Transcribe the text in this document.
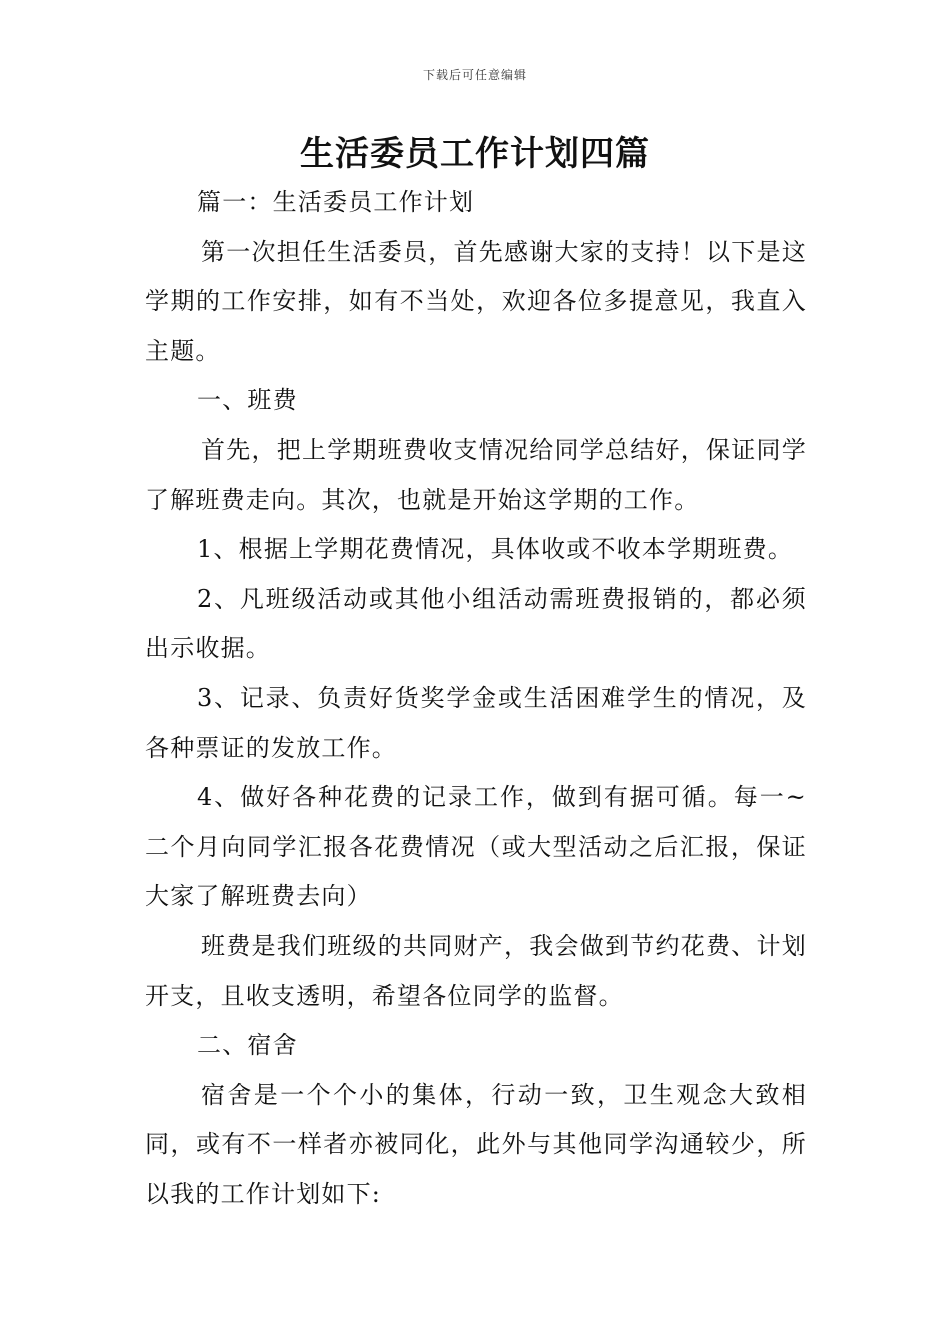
下载后可任意编辑
生活委员工作计划四篇

篇一：生活委员工作计划

第一次担任生活委员，首先感谢大家的支持！以下是这学期的工作安排，如有不当处，欢迎各位多提意见，我直入主题。

一、班费

首先，把上学期班费收支情况给同学总结好，保证同学了解班费走向。其次，也就是开始这学期的工作。

1、根据上学期花费情况，具体收或不收本学期班费。

2、凡班级活动或其他小组活动需班费报销的，都必须出示收据。

3、记录、负责好货奖学金或生活困难学生的情况，及各种票证的发放工作。

4、做好各种花费的记录工作，做到有据可循。每一~二个月向同学汇报各花费情况（或大型活动之后汇报，保证大家了解班费去向）

班费是我们班级的共同财产，我会做到节约花费、计划开支，且收支透明，希望各位同学的监督。

二、宿舍

宿舍是一个个小的集体，行动一致，卫生观念大致相同，或有不一样者亦被同化，此外与其他同学沟通较少，所以我的工作计划如下:
